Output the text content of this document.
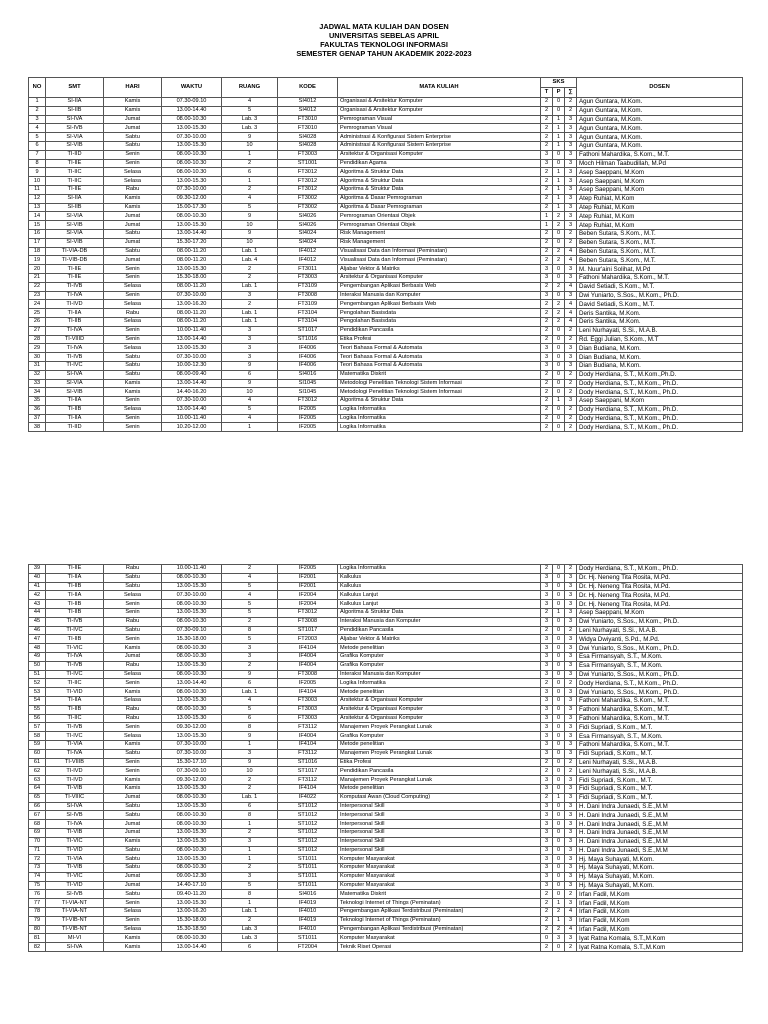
JADWAL MATA KULIAH DAN DOSEN
UNIVERSITAS SEBELAS APRIL
FAKULTAS TEKNOLOGI INFORMASI
SEMESTER GENAP TAHUN AKADEMIK 2022-2023
NO	SMT	HARI	WAKTU	RUANG	KODE	MATA KULIAH	SKS			DOSEN
							T	P	∑	
1	SI-IIA	Kamis	07.30-09.10	4	SI4012	Organisasi & Arsitektur Komputer	2	0	2	Agun Guntara, M.Kom.
2	SI-IIB	Kamis	13.00-14.40	5	SI4012	Organisasi & Arsitektur Komputer	2	0	2	Agun Guntara, M.Kom.
3	SI-IVA	Jumat	08.00-10.30	Lab. 3	FT3010	Pemrograman Visual	2	1	3	Agun Guntara, M.Kom.
4	SI-IVB	Jumat	13.00-15.30	Lab. 3	FT3010	Pemrograman Visual	2	1	3	Agun Guntara, M.Kom.
5	SI-VIA	Sabtu	07.30-10.00	9	SI4028	Administrasi & Konfigurasi Sistem Enterprise	2	1	3	Agun Guntara, M.Kom.
6	SI-VIB	Sabtu	13.00-15.30	10	SI4028	Administrasi & Konfigurasi Sistem Enterprise	2	1	3	Agun Guntara, M.Kom.
7	TI-IID	Senin	08.00-10.30	1	FT3003	Arsitektur & Organisasi Komputer	3	0	3	Fathoni Mahardika, S.Kom., M.T.
8	TI-IIE	Senin	08.00-10.30	2	ST1001	Pendidikan Agama	3	0	3	Moch Hilman Taabudillah, M.Pd
9	TI-IIC	Selasa	08.00-10.30	6	FT3012	Algoritma & Struktur Data	2	1	3	Asep Saeppani, M.Kom
10	TI-IIC	Selasa	13.00-15.30	1	FT3012	Algoritma & Struktur Data	2	1	3	Asep Saeppani, M.Kom
11	TI-IIE	Rabu	07.30-10.00	2	FT3012	Algoritma & Struktur Data	2	1	3	Asep Saeppani, M.Kom
12	SI-IIA	Kamis	09.30-12.00	4	FT3002	Algoritma & Dasar Pemrograman	2	1	3	Atep Ruhiat, M.Kom
13	SI-IIB	Kamis	15.00-17.30	5	FT3002	Algoritma & Dasar Pemrograman	2	1	3	Atep Ruhiat, M.Kom
14	SI-VIA	Jumat	08.00-10.30	9	SI4026	Pemrograman Orientasi Objek	1	2	3	Atep Ruhiat, M.Kom
15	SI-VIB	Jumat	13.00-15.30	10	SI4026	Pemrograman Orientasi Objek	1	2	3	Atep Ruhiat, M.Kom
16	SI-VIA	Sabtu	13.00-14.40	9	SI4024	Risk Management	2	0	2	Beben Sutara, S.Kom., M.T.
17	SI-VIB	Jumat	15.30-17.20	10	SI4024	Risk Management	2	0	2	Beben Sutara, S.Kom., M.T.
18	TI-VIA-DB	Sabtu	08.00-11.20	Lab. 1	IF4012	Visualisasi Data dan Informasi (Peminatan)	2	2	4	Beben Sutara, S.Kom., M.T.
19	TI-VIB-DB	Jumat	08.00-11.20	Lab. 4	IF4012	Visualisasi Data dan Informasi (Peminatan)	2	2	4	Beben Sutara, S.Kom., M.T.
20	TI-IIE	Senin	13.00-15.30	2	FT3011	Aljabar Vektor & Matriks	3	0	3	M. Nuur'aini Solihat, M.Pd
21	TI-IIE	Senin	15.30-18.00	2	FT3003	Arsitektur & Organisasi Komputer	3	0	3	Fathoni Mahardika, S.Kom., M.T.
22	TI-IVB	Selasa	08.00-11.20	Lab. 1	FT3109	Pengembangan Aplikasi Berbasis Web	2	2	4	David Setiadi, S.Kom., M.T.
23	TI-IVA	Senin	07.30-10.00	3	FT3008	Interaksi Manusia dan Komputer	3	0	3	Dwi Yuniarto, S.Sos., M.Kom., Ph.D.
24	TI-IVD	Selasa	13.00-16.20	2	FT3109	Pengembangan Aplikasi Berbasis Web	2	2	4	David Setiadi, S.Kom., M.T.
25	TI-IIA	Rabu	08.00-11.20	Lab. 1	FT3104	Pengolahan Basisdata	2	2	4	Deris Santika, M.Kom.
26	TI-IIB	Selasa	08.00-11.20	Lab. 1	FT3104	Pengolahan Basisdata	2	2	4	Deris Santika, M.Kom.
27	TI-IVA	Senin	10.00-11.40	3	ST1017	Pendidikan Pancasila	2	0	2	Leni Nurhayati, S.Si., M.A.B.
28	TI-VIIID	Senin	13.00-14.40	3	ST1016	Etika Profesi	2	0	2	Rd. Eggi Julian, S.Kom., M.T
29	TI-IVA	Selasa	13.00-15.30	3	IF4006	Teori Bahasa Formal & Automata	3	0	3	Dian Budiana, M.Kom.
30	TI-IVB	Sabtu	07.30-10.00	3	IF4006	Teori Bahasa Formal & Automata	3	0	3	Dian Budiana, M.Kom.
31	TI-IVC	Sabtu	10.00-12.30	9	IF4006	Teori Bahasa Formal & Automata	3	0	3	Dian Budiana, M.Kom.
32	SI-IVA	Sabtu	08.00-09.40	6	SI4016	Matematika Diskrit	2	0	2	Dody Herdiana, S.T., M.Kom.,Ph.D.
33	SI-VIA	Kamis	13.00-14.40	9	SI1045	Metodologi Penelitian Teknologi Sistem Informasi	2	0	2	Dody Herdiana, S.T., M.Kom., Ph.D.
34	SI-VIB	Kamis	14.40-16.20	10	SI1045	Metodologi Penelitian Teknologi Sistem Informasi	2	0	2	Dody Herdiana, S.T., M.Kom., Ph.D.
35	TI-IIA	Senin	07.30-10.00	4	FT3012	Algoritma & Struktur Data	2	1	3	Asep Saeppani, M.Kom
36	TI-IIB	Selasa	13.00-14.40	5	IF2005	Logika Informatika	2	0	2	Dody Herdiana, S.T., M.Kom., Ph.D.
37	TI-IIA	Senin	10.00-11.40	4	IF2005	Logika Informatika	2	0	2	Dody Herdiana, S.T., M.Kom., Ph.D.
38	TI-IID	Senin	10.20-12.00	1	IF2005	Logika Informatika	2	0	2	Dody Herdiana, S.T., M.Kom., Ph.D.
39	TI-IIE	Rabu	10.00-11.40	2	IF2005	Logika Informatika	2	0	2	Dody Herdiana, S.T., M.Kom., Ph.D.
40	TI-IIA	Sabtu	08.00-10.30	4	IF2001	Kalkulus	3	0	3	Dr. Hj. Neneng Tita Rosita, M.Pd.
41	TI-IIB	Sabtu	13.00-15.30	5	IF2001	Kalkulus	3	0	3	Dr. Hj. Neneng Tita Rosita, M.Pd.
42	TI-IIA	Selasa	07.30-10.00	4	IF2004	Kalkulus Lanjut	3	0	3	Dr. Hj. Neneng Tita Rosita, M.Pd.
43	TI-IIB	Senin	08.00-10.30	5	IF2004	Kalkulus Lanjut	3	0	3	Dr. Hj. Neneng Tita Rosita, M.Pd.
44	TI-IIB	Senin	13.00-15.30	5	FT3012	Algoritma & Struktur Data	2	1	3	Asep Saeppani, M.Kom
45	TI-IVB	Rabu	08.00-10.30	2	FT3008	Interaksi Manusia dan Komputer	3	0	3	Dwi Yuniarto, S.Sos., M.Kom., Ph.D.
46	TI-IVC	Sabtu	07.30-09.10	8	ST1017	Pendidikan Pancasila	2	0	2	Leni Nurhayati, S.Si., M.A.B.
47	TI-IIB	Senin	15.30-18.00	5	FT2003	Aljabar Vektor & Matriks	3	0	3	Widya Dwiyanti, S.Pd., M.Pd.
48	TI-VIC	Kamis	08.00-10.30	3	IF4104	Metode penelitian	3	0	3	Dwi Yuniarto, S.Sos., M.Kom., Ph.D.
49	TI-IVA	Jumat	08.00-10.30	3	IF4004	Grafika Komputer	3	0	3	Esa Firmansyah, S.T., M.Kom.
50	TI-IVB	Rabu	13.00-15.30	2	IF4004	Grafika Komputer	3	0	3	Esa Firmansyah, S.T., M.Kom.
51	TI-IVC	Selasa	08.00-10.30	9	FT3008	Interaksi Manusia dan Komputer	3	0	3	Dwi Yuniarto, S.Sos., M.Kom., Ph.D.
52	TI-IIC	Senin	13.00-14.40	6	IF2005	Logika Informatika	2	0	2	Dody Herdiana, S.T., M.Kom., Ph.D.
53	TI-VID	Kamis	08.00-10.30	Lab. 1	IF4104	Metode penelitian	3	0	3	Dwi Yuniarto, S.Sos., M.Kom., Ph.D.
54	TI-IIA	Selasa	13.00-15.30	4	FT3003	Arsitektur & Organisasi Komputer	3	0	3	Fathoni Mahardika, S.Kom., M.T.
55	TI-IIB	Rabu	08.00-10.30	5	FT3003	Arsitektur & Organisasi Komputer	3	0	3	Fathoni Mahardika, S.Kom., M.T.
56	TI-IIC	Rabu	13.00-15.30	6	FT3003	Arsitektur & Organisasi Komputer	3	0	3	Fathoni Mahardika, S.Kom., M.T.
57	TI-IVB	Senin	09.30-12.00	8	FT3112	Manajemen Proyek Perangkat Lunak	3	0	3	Fidi Supriadi, S.Kom., M.T.
58	TI-IVC	Selasa	13.00-15.30	9	IF4004	Grafika Komputer	3	0	3	Esa Firmansyah, S.T., M.Kom.
59	TI-VIA	Kamis	07.30-10.00	1	IF4104	Metode penelitian	3	0	3	Fathoni Mahardika, S.Kom., M.T.
60	TI-IVA	Sabtu	07.30-10.00	3	FT3112	Manajemen Proyek Perangkat Lunak	3	0	3	Fidi Supriadi, S.Kom., M.T.
61	TI-VIIIB	Senin	15.30-17.10	9	ST1016	Etika Profesi	2	0	2	Leni Nurhayati, S.Si., M.A.B.
62	TI-IVD	Senin	07.30-09.10	10	ST1017	Pendidikan Pancasila	2	0	2	Leni Nurhayati, S.Si., M.A.B.
63	TI-IVD	Kamis	09.30-12.00	2	FT3112	Manajemen Proyek Perangkat Lunak	3	0	3	Fidi Supriadi, S.Kom., M.T.
64	TI-VIB	Kamis	13.00-15.30	2	IF4104	Metode penelitian	3	0	3	Fidi Supriadi, S.Kom., M.T.
65	TI-VIIIC	Jumat	08.00-10.30	Lab. 1	IF4022	Komputasi Awan (Cloud Computing)	2	1	3	Fidi Supriadi, S.Kom., M.T.
66	SI-IVA	Sabtu	13.00-15.30	6	ST1012	Interpersonal Skill	3	0	3	H. Dani Indra Junaedi, S.E.,M.M
67	SI-IVB	Sabtu	08.00-10.30	8	ST1012	Interpersonal Skill	3	0	3	H. Dani Indra Junaedi, S.E.,M.M
68	TI-IVA	Jumat	08.00-10.30	1	ST1012	Interpersonal Skill	3	0	3	H. Dani Indra Junaedi, S.E.,M.M
69	TI-VIB	Jumat	13.00-15.30	2	ST1012	Interpersonal Skill	3	0	3	H. Dani Indra Junaedi, S.E.,M.M
70	TI-VIC	Kamis	13.00-15.30	3	ST1012	Interpersonal Skill	3	0	3	H. Dani Indra Junaedi, S.E.,M.M
71	TI-VID	Sabtu	08.00-10.30	1	ST1012	Interpersonal Skill	3	0	3	H. Dani Indra Junaedi, S.E.,M.M
72	TI-VIA	Sabtu	13.00-15.30	1	ST1011	Komputer Masyarakat	3	0	3	Hj. Maya Suhayati, M.Kom.
73	TI-VIB	Sabtu	08.00-10.30	2	ST1011	Komputer Masyarakat	3	0	3	Hj. Maya Suhayati, M.Kom.
74	TI-VIC	Jumat	09.00-12.30	3	ST1011	Komputer Masyarakat	3	0	3	Hj. Maya Suhayati, M.Kom.
75	TI-VID	Jumat	14.40-17.10	5	ST1011	Komputer Masyarakat	3	0	3	Hj. Maya Suhayati, M.Kom.
76	SI-IVB	Sabtu	09.40-11.20	8	SI4016	Matematika Diskrit	2	0	2	Irfan Fadil, M.Kom
77	TI-VIA-NT	Senin	13.00-15.30	1	IF4019	Teknologi Internet of Things (Peminatan)	2	1	3	Irfan Fadil, M.Kom
78	TI-VIA-NT	Selasa	13.00-16.20	Lab. 1	IF4010	Pengembangan Aplikasi Terdistribusi (Peminatan)	2	2	4	Irfan Fadil, M.Kom
79	TI-VIB-NT	Senin	15.30-18.00	2	IF4019	Teknologi Internet of Things (Peminatan)	2	1	3	Irfan Fadil, M.Kom
80	TI-VIB-NT	Selasa	15.30-18.50	Lab. 3	IF4010	Pengembangan Aplikasi Terdistribusi (Peminatan)	2	2	4	Irfan Fadil, M.Kom
81	MI-VI	Kamis	08.00-10.30	Lab. 3	ST1011	Komputer Masyarakat	0	3	3	Iyat Ratna Komala, S.T.,M.Kom
82	SI-IVA	Kamis	13.00-14.40	6	FT2004	Teknik Riset Operasi	2	0	2	Iyat Ratna Komala, S.T.,M.Kom
